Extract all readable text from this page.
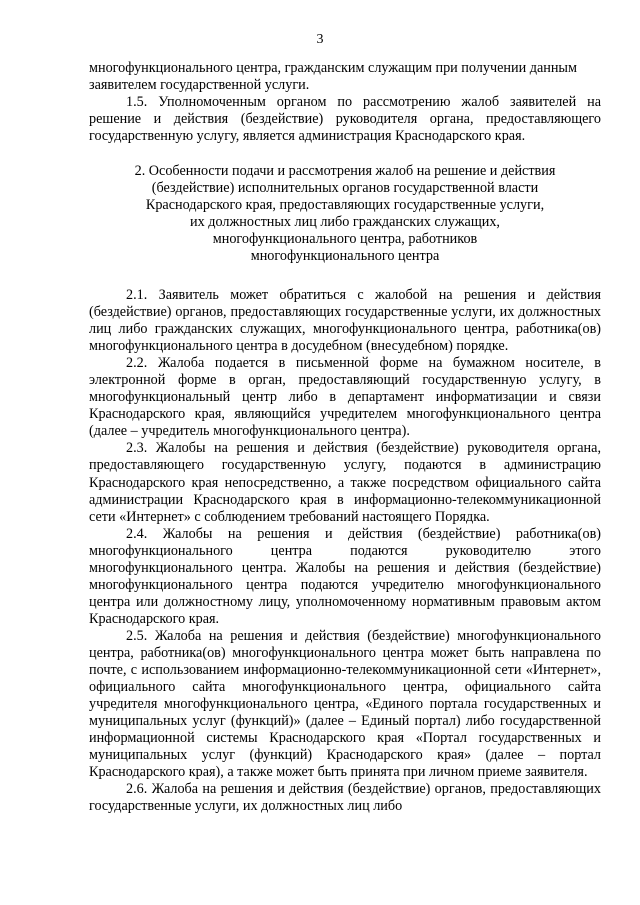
3

многофункционального центра, гражданским служащим при получении данным

заявителем государственной услуги.

1.5. Уполномоченным органом по рассмотрению жалоб заявителей на решение и действия (бездействие) руководителя органа, предоставляющего государственную услугу, является администрация Краснодарского края.

2. Особенности подачи и рассмотрения жалоб на решение и действия

(бездействие) исполнительных органов государственной власти

Краснодарского края, предоставляющих государственные услуги,

их должностных лиц либо гражданских служащих,

многофункционального центра, работников

многофункционального центра

2.1. Заявитель может обратиться с жалобой на решения и действия (бездействие) органов, предоставляющих государственные услуги, их должностных лиц либо гражданских служащих, многофункционального центра, работника(ов) многофункционального центра в досудебном (внесудебном) порядке.

2.2. Жалоба подается в письменной форме на бумажном носителе, в электронной форме в орган, предоставляющий государственную услугу, в многофункциональный центр либо в департамент информатизации и связи Краснодарского края, являющийся учредителем многофункционального центра (далее – учредитель многофункционального центра).

2.3. Жалобы на решения и действия (бездействие) руководителя органа, предоставляющего государственную услугу, подаются в администрацию Краснодарского края непосредственно, а также посредством официального сайта администрации Краснодарского края в информационно-телекоммуникационной сети «Интернет» с соблюдением требований настоящего Порядка.

2.4. Жалобы на решения и действия (бездействие) работника(ов) многофункционального центра подаются руководителю этого многофункционального центра. Жалобы на решения и действия (бездействие) многофункционального центра подаются учредителю многофункционального центра или должностному лицу, уполномоченному нормативным правовым актом Краснодарского края.

2.5. Жалоба на решения и действия (бездействие) многофункционального центра, работника(ов) многофункционального центра может быть направлена по почте, с использованием информационно-телекоммуникационной сети «Интернет», официального сайта многофункционального центра, официального сайта учредителя многофункционального центра, «Единого портала государственных и муниципальных услуг (функций)» (далее – Единый портал) либо государственной информационной системы Краснодарского края «Портал государственных и муниципальных услуг (функций) Краснодарского края» (далее – портал Краснодарского края), а также может быть принята при личном приеме заявителя.

2.6. Жалоба на решения и действия (бездействие) органов, предоставляющих государственные услуги, их должностных лиц либо
